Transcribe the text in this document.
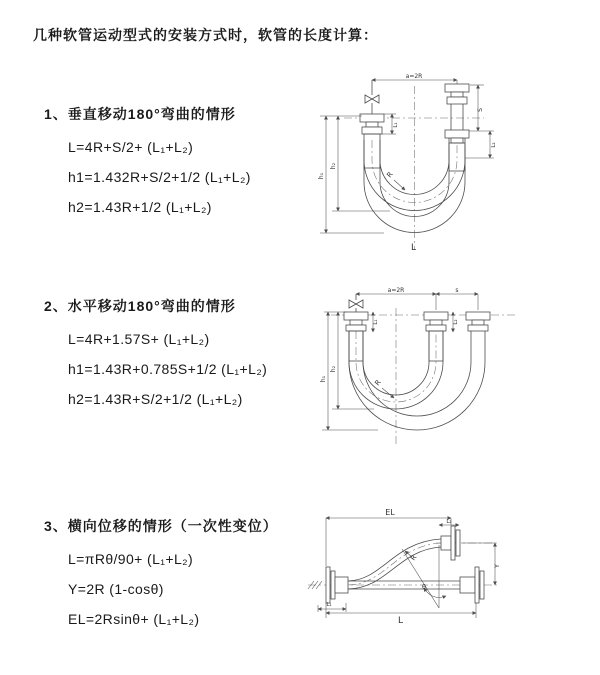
几种软管运动型式的安装方式时，软管的长度计算：
1、垂直移动180°弯曲的情形
L=4R+S/2+ (L₁+L₂)
h1=1.432R+S/2+1/2 (L₁+L₂)
h2=1.43R+1/2 (L₁+L₂)
2、水平移动180°弯曲的情形
L=4R+1.57S+ (L₁+L₂)
h1=1.43R+0.785S+1/2 (L₁+L₂)
h2=1.43R+S/2+1/2 (L₁+L₂)
3、横向位移的情形（一次性变位）
L=πRθ/90+ (L₁+L₂)
Y=2R (1-cosθ)
EL=2Rsinθ+ (L₁+L₂)
a=2R
S
L₂
L₁
h₁
h₂
R
L
a=2R	s
h₁
h₂
L₁	L₂
R
EL
L₂
Y
R
θ
L₁
L
